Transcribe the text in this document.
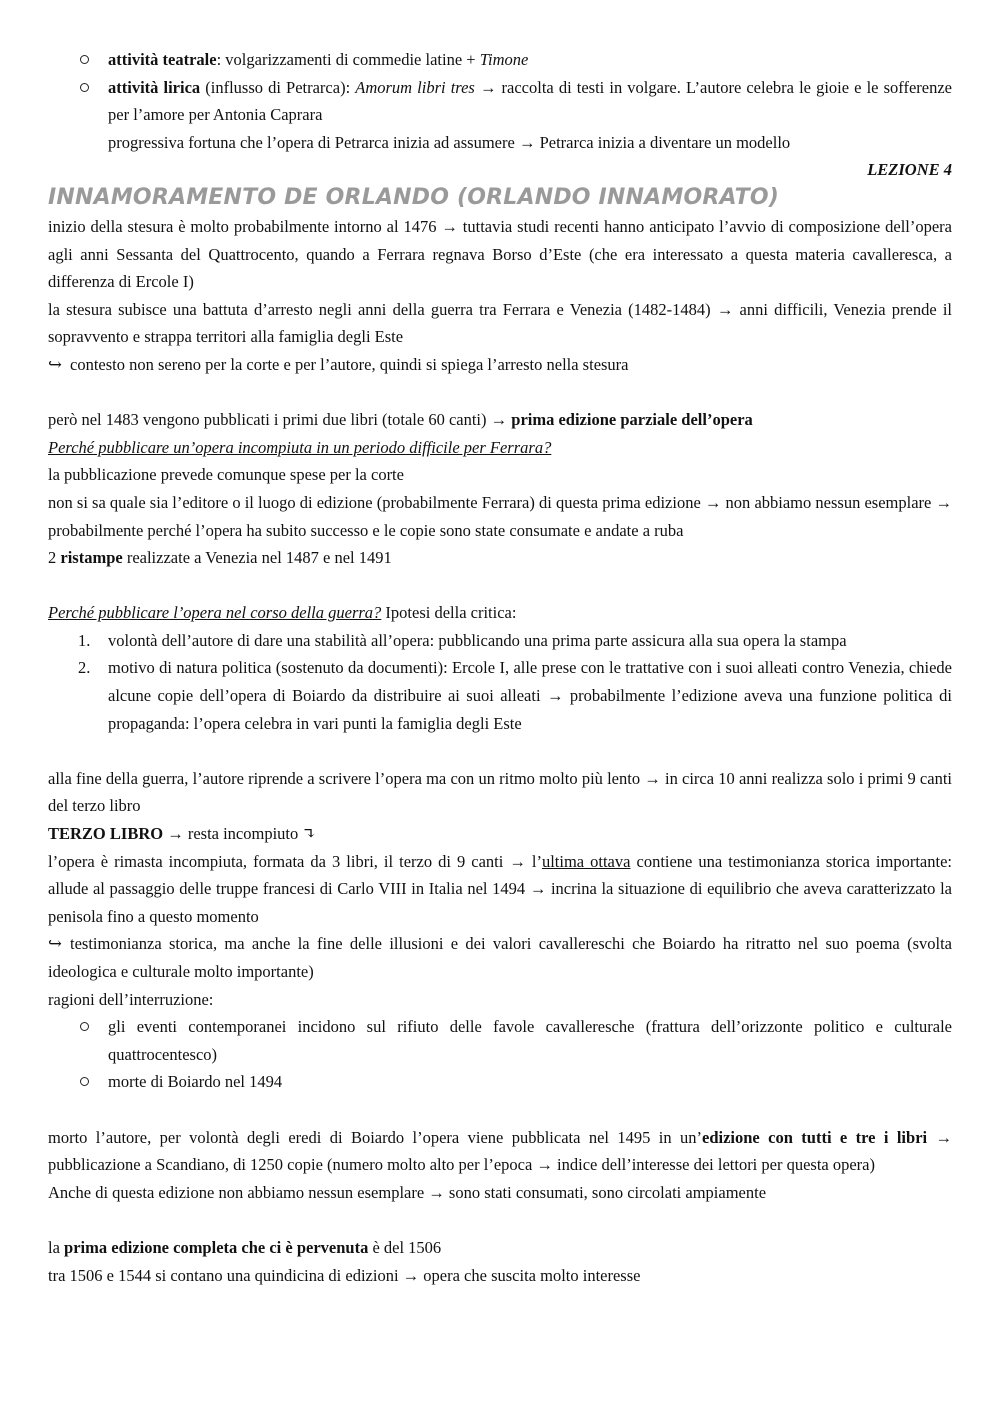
attività teatrale: volgarizzamenti di commedie latine + Timone
attività lirica (influsso di Petrarca): Amorum libri tres → raccolta di testi in volgare. L’autore celebra le gioie e le sofferenze per l’amore per Antonia Caprara

progressiva fortuna che l’opera di Petrarca inizia ad assumere → Petrarca inizia a diventare un modello

LEZIONE 4

INNAMORAMENTO DE ORLANDO (ORLANDO INNAMORATO)

inizio della stesura è molto probabilmente intorno al 1476 → tuttavia studi recenti hanno anticipato l’avvio di composizione dell’opera agli anni Sessanta del Quattrocento, quando a Ferrara regnava Borso d’Este (che era interessato a questa materia cavalleresca, a differenza di Ercole I)

la stesura subisce una battuta d’arresto negli anni della guerra tra Ferrara e Venezia (1482-1484) → anni difficili, Venezia prende il sopravvento e strappa territori alla famiglia degli Este

↪ contesto non sereno per la corte e per l’autore, quindi si spiega l’arresto nella stesura

però nel 1483 vengono pubblicati i primi due libri (totale 60 canti) → prima edizione parziale dell’opera

Perché pubblicare un’opera incompiuta in un periodo difficile per Ferrara?

la pubblicazione prevede comunque spese per la corte

non si sa quale sia l’editore o il luogo di edizione (probabilmente Ferrara) di questa prima edizione → non abbiamo nessun esemplare → probabilmente perché l’opera ha subito successo e le copie sono state consumate e andate a ruba

2 ristampe realizzate a Venezia nel 1487 e nel 1491

Perché pubblicare l’opera nel corso della guerra? Ipotesi della critica:

1. volontà dell’autore di dare una stabilità all’opera: pubblicando una prima parte assicura alla sua opera la stampa
2. motivo di natura politica (sostenuto da documenti): Ercole I, alle prese con le trattative con i suoi alleati contro Venezia, chiede alcune copie dell’opera di Boiardo da distribuire ai suoi alleati → probabilmente l’edizione aveva una funzione politica di propaganda: l’opera celebra in vari punti la famiglia degli Este

alla fine della guerra, l’autore riprende a scrivere l’opera ma con un ritmo molto più lento → in circa 10 anni realizza solo i primi 9 canti del terzo libro

TERZO LIBRO → resta incompiuto ↴

l’opera è rimasta incompiuta, formata da 3 libri, il terzo di 9 canti → l’ultima ottava contiene una testimonianza storica importante: allude al passaggio delle truppe francesi di Carlo VIII in Italia nel 1494 → incrina la situazione di equilibrio che aveva caratterizzato la penisola fino a questo momento

↪ testimonianza storica, ma anche la fine delle illusioni e dei valori cavallereschi che Boiardo ha ritratto nel suo poema (svolta ideologica e culturale molto importante)

ragioni dell’interruzione:

gli eventi contemporanei incidono sul rifiuto delle favole cavalleresche (frattura dell’orizzonte politico e culturale quattrocentesco)
morte di Boiardo nel 1494

morto l’autore, per volontà degli eredi di Boiardo l’opera viene pubblicata nel 1495 in un’edizione con tutti e tre i libri → pubblicazione a Scandiano, di 1250 copie (numero molto alto per l’epoca → indice dell’interesse dei lettori per questa opera)

Anche di questa edizione non abbiamo nessun esemplare → sono stati consumati, sono circolati ampiamente

la prima edizione completa che ci è pervenuta è del 1506

tra 1506 e 1544 si contano una quindicina di edizioni → opera che suscita molto interesse
